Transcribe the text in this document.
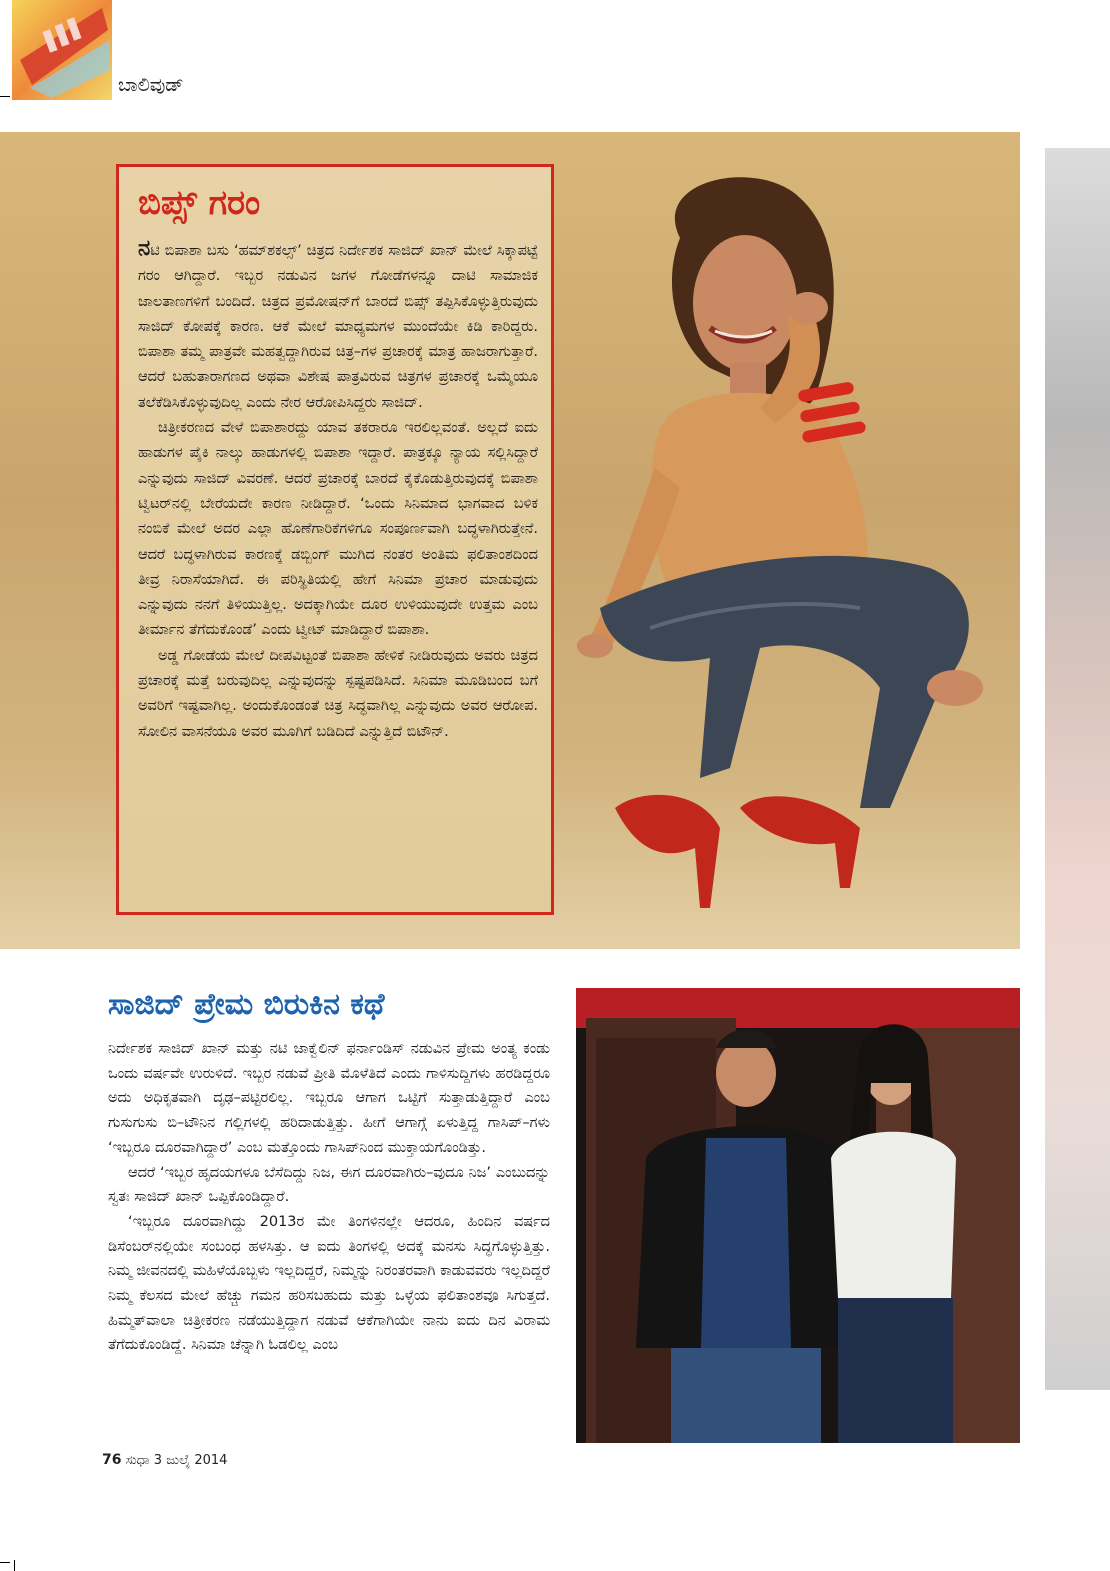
ಬಾಲಿವುಡ್
ಬಿಪ್ಸ್ ಗರಂ

ನಟಿ ಬಿಪಾಶಾ ಬಸು ‘ಹಮ್‌ಶಕಲ್ಸ್’ ಚಿತ್ರದ ನಿರ್ದೇಶಕ ಸಾಜಿದ್ ಖಾನ್ ಮೇಲೆ ಸಿಕ್ಕಾಪಟ್ಟೆ ಗರಂ ಆಗಿದ್ದಾರೆ. ಇಬ್ಬರ ನಡುವಿನ ಜಗಳ ಗೋಡೆಗಳನ್ನೂ ದಾಟಿ ಸಾಮಾಜಿಕ ಜಾಲತಾಣಗಳಿಗೆ ಬಂದಿದೆ. ಚಿತ್ರದ ಪ್ರಮೋಷನ್‌ಗೆ ಬಾರದೆ ಬಿಪ್ಸ್ ತಪ್ಪಿಸಿಕೊಳ್ಳುತ್ತಿರುವುದು ಸಾಜಿದ್ ಕೋಪಕ್ಕೆ ಕಾರಣ. ಆಕೆ ಮೇಲೆ ಮಾಧ್ಯಮಗಳ ಮುಂದೆಯೇ ಕಿಡಿ ಕಾರಿದ್ದರು. ಬಿಪಾಶಾ ತಮ್ಮ ಪಾತ್ರವೇ ಮಹತ್ವದ್ದಾಗಿರುವ ಚಿತ್ರ–ಗಳ ಪ್ರಚಾರಕ್ಕೆ ಮಾತ್ರ ಹಾಜರಾಗುತ್ತಾರೆ. ಆದರೆ ಬಹುತಾರಾಗಣದ ಅಥವಾ ವಿಶೇಷ ಪಾತ್ರವಿರುವ ಚಿತ್ರಗಳ ಪ್ರಚಾರಕ್ಕೆ ಒಮ್ಮೆಯೂ ತಲೆಕೆಡಿಸಿಕೊಳ್ಳುವುದಿಲ್ಲ ಎಂದು ನೇರ ಆರೋಪಿಸಿದ್ದರು ಸಾಜಿದ್.

ಚಿತ್ರೀಕರಣದ ವೇಳೆ ಬಿಪಾಶಾರದ್ದು ಯಾವ ತಕರಾರೂ ಇರಲಿಲ್ಲವಂತೆ. ಅಲ್ಲದೆ ಐದು ಹಾಡುಗಳ ಪೈಕಿ ನಾಲ್ಕು ಹಾಡುಗಳಲ್ಲಿ ಬಿಪಾಶಾ ಇದ್ದಾರೆ. ಪಾತ್ರಕ್ಕೂ ನ್ಯಾಯ ಸಲ್ಲಿಸಿದ್ದಾರೆ ಎನ್ನುವುದು ಸಾಜಿದ್ ವಿವರಣೆ. ಆದರೆ ಪ್ರಚಾರಕ್ಕೆ ಬಾರದೆ ಕೈಕೊಡುತ್ತಿರುವುದಕ್ಕೆ ಬಿಪಾಶಾ ಟ್ವಿಟರ್‌ನಲ್ಲಿ ಬೇರೆಯದೇ ಕಾರಣ ನೀಡಿದ್ದಾರೆ. ‘ಒಂದು ಸಿನಿಮಾದ ಭಾಗವಾದ ಬಳಿಕ ನಂಬಿಕೆ ಮೇಲೆ ಅದರ ಎಲ್ಲಾ ಹೊಣೆಗಾರಿಕೆಗಳಿಗೂ ಸಂಪೂರ್ಣವಾಗಿ ಬದ್ಧಳಾಗಿರುತ್ತೇನೆ. ಆದರೆ ಬದ್ಧಳಾಗಿರುವ ಕಾರಣಕ್ಕೆ ಡಬ್ಬಿಂಗ್ ಮುಗಿದ ನಂತರ ಅಂತಿಮ ಫಲಿತಾಂಶದಿಂದ ತೀವ್ರ ನಿರಾಸೆಯಾಗಿದೆ. ಈ ಪರಿಸ್ಥಿತಿಯಲ್ಲಿ ಹೇಗೆ ಸಿನಿಮಾ ಪ್ರಚಾರ ಮಾಡುವುದು ಎನ್ನುವುದು ನನಗೆ ತಿಳಿಯುತ್ತಿಲ್ಲ. ಅದಕ್ಕಾಗಿಯೇ ದೂರ ಉಳಿಯುವುದೇ ಉತ್ತಮ ಎಂಬ ತೀರ್ಮಾನ ತೆಗೆದುಕೊಂಡೆ’ ಎಂದು ಟ್ವೀಟ್ ಮಾಡಿದ್ದಾರೆ ಬಿಪಾಶಾ.

ಅಡ್ಡ ಗೋಡೆಯ ಮೇಲೆ ದೀಪವಿಟ್ಟಂತೆ ಬಿಪಾಶಾ ಹೇಳಿಕೆ ನೀಡಿರುವುದು ಅವರು ಚಿತ್ರದ ಪ್ರಚಾರಕ್ಕೆ ಮತ್ತೆ ಬರುವುದಿಲ್ಲ ಎನ್ನುವುದನ್ನು ಸ್ಪಷ್ಟಪಡಿಸಿದೆ. ಸಿನಿಮಾ ಮೂಡಿಬಂದ ಬಗೆ ಅವರಿಗೆ ಇಷ್ಟವಾಗಿಲ್ಲ. ಅಂದುಕೊಂಡಂತೆ ಚಿತ್ರ ಸಿದ್ಧವಾಗಿಲ್ಲ ಎನ್ನುವುದು ಅವರ ಆರೋಪ. ಸೋಲಿನ ವಾಸನೆಯೂ ಅವರ ಮೂಗಿಗೆ ಬಡಿದಿದೆ ಎನ್ನುತ್ತಿದೆ ಬಿಟೌನ್.

ಸಾಜಿದ್ ಪ್ರೇಮ ಬಿರುಕಿನ ಕಥೆ

ನಿರ್ದೇಶಕ ಸಾಜಿದ್ ಖಾನ್ ಮತ್ತು ನಟಿ ಜಾಕ್ವೆಲಿನ್ ಫರ್ನಾಂಡಿಸ್ ನಡುವಿನ ಪ್ರೇಮ ಅಂತ್ಯ ಕಂಡು ಒಂದು ವರ್ಷವೇ ಉರುಳಿದೆ. ಇಬ್ಬರ ನಡುವೆ ಪ್ರೀತಿ ಮೊಳೆತಿದೆ ಎಂದು ಗಾಳಿಸುದ್ದಿಗಳು ಹರಡಿದ್ದರೂ ಅದು ಅಧಿಕೃತವಾಗಿ ದೃಢ–ಪಟ್ಟಿರಲಿಲ್ಲ. ಇಬ್ಬರೂ ಆಗಾಗ ಒಟ್ಟಿಗೆ ಸುತ್ತಾಡುತ್ತಿದ್ದಾರೆ ಎಂಬ ಗುಸುಗುಸು ಬಿ–ಟೌನಿನ ಗಲ್ಲಿಗಳಲ್ಲಿ ಹರಿದಾಡುತ್ತಿತ್ತು. ಹೀಗೆ ಆಗಾಗ್ಗೆ ಏಳುತ್ತಿದ್ದ ಗಾಸಿಪ್–ಗಳು ‘ಇಬ್ಬರೂ ದೂರವಾಗಿದ್ದಾರೆ’ ಎಂಬ ಮತ್ತೊಂದು ಗಾಸಿಪ್‌ನಿಂದ ಮುಕ್ತಾಯಗೊಂಡಿತ್ತು.

ಆದರೆ ‘ಇಬ್ಬರ ಹೃದಯಗಳೂ ಬೆಸೆದಿದ್ದು ನಿಜ, ಈಗ ದೂರವಾಗಿರು–ವುದೂ ನಿಜ’ ಎಂಬುದನ್ನು ಸ್ವತಃ ಸಾಜಿದ್ ಖಾನ್ ಒಪ್ಪಿಕೊಂಡಿದ್ದಾರೆ.

‘ಇಬ್ಬರೂ ದೂರವಾಗಿದ್ದು 2013ರ ಮೇ ತಿಂಗಳಿನಲ್ಲೇ ಆದರೂ, ಹಿಂದಿನ ವರ್ಷದ ಡಿಸೆಂಬರ್‌ನಲ್ಲಿಯೇ ಸಂಬಂಧ ಹಳಸಿತ್ತು. ಆ ಐದು ತಿಂಗಳಲ್ಲಿ ಅದಕ್ಕೆ ಮನಸು ಸಿದ್ಧಗೊಳ್ಳುತ್ತಿತ್ತು. ನಿಮ್ಮ ಜೀವನದಲ್ಲಿ ಮಹಿಳೆಯೊಬ್ಬಳು ಇಲ್ಲದಿದ್ದರೆ, ನಿಮ್ಮನ್ನು ನಿರಂತರವಾಗಿ ಕಾಡುವವರು ಇಲ್ಲದಿದ್ದರೆ ನಿಮ್ಮ ಕೆಲಸದ ಮೇಲೆ ಹೆಚ್ಚು ಗಮನ ಹರಿಸಬಹುದು ಮತ್ತು ಒಳ್ಳೆಯ ಫಲಿತಾಂಶವೂ ಸಿಗುತ್ತದೆ. ಹಿಮ್ಮತ್‌ವಾಲಾ ಚಿತ್ರೀಕರಣ ನಡೆಯುತ್ತಿದ್ದಾಗ ನಡುವೆ ಆಕೆಗಾಗಿಯೇ ನಾನು ಐದು ದಿನ ವಿರಾಮ ತೆಗೆದುಕೊಂಡಿದ್ದೆ. ಸಿನಿಮಾ ಚೆನ್ನಾಗಿ ಓಡಲಿಲ್ಲ ಎಂಬ

76 ಸುಧಾ 3 ಜುಲೈ 2014
